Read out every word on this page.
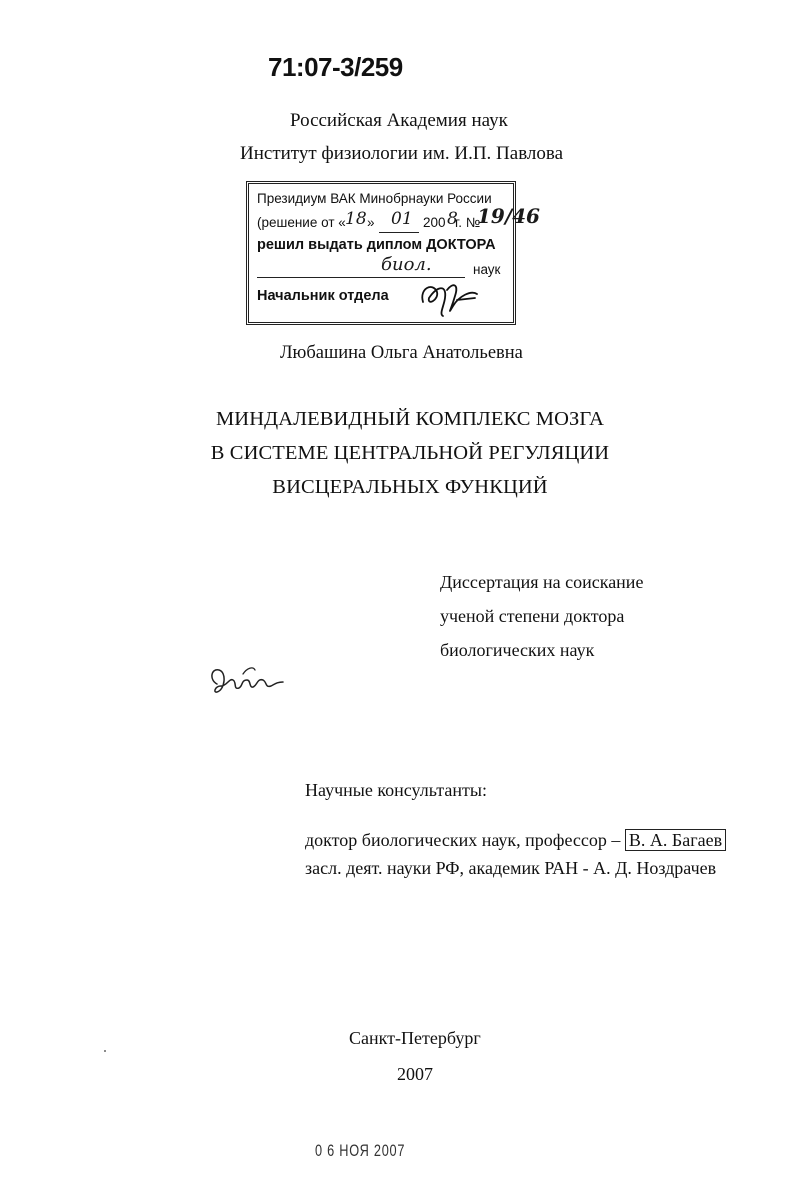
71:07-3/259
Российская Академия наук
Институт физиологии им. И.П. Павлова
Президиум ВАК Минобрнауки России
(решение от « 18 » 01 200 8
г. №
19/46
решил выдать диплом ДОКТОРА
биол.	наук
Начальник отдела
Любашина Ольга Анатольевна
МИНДАЛЕВИДНЫЙ КОМПЛЕКС МОЗГА
В СИСТЕМЕ ЦЕНТРАЛЬНОЙ РЕГУЛЯЦИИ
ВИСЦЕРАЛЬНЫХ ФУНКЦИЙ
Диссертация на соискание
ученой степени доктора
биологических наук
Научные консультанты:
доктор биологических наук, профессор – В. А. Багаев
засл. деят. науки РФ, академик РАН - А. Д. Ноздрачев
Санкт-Петербург
2007
0 6 НОЯ 2007
